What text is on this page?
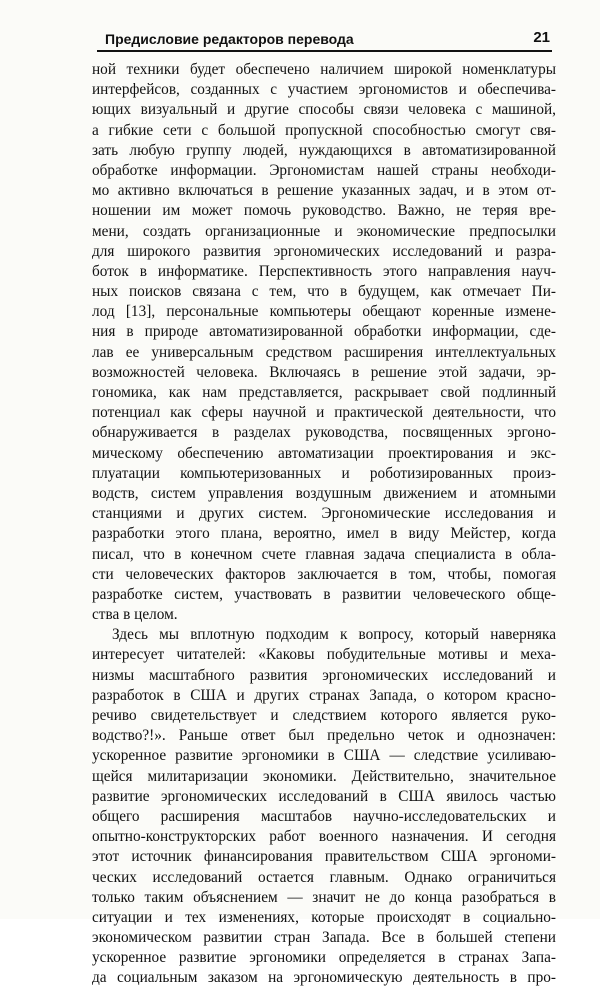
Предисловие редакторов перевода	21
ной техники будет обеспечено наличием широкой номенклатуры
интерфейсов, созданных с участием эргономистов и обеспечива-
ющих визуальный и другие способы связи человека с машиной,
а гибкие сети с большой пропускной способностью смогут свя-
зать любую группу людей, нуждающихся в автоматизированной
обработке информации. Эргономистам нашей страны необходи-
мо активно включаться в решение указанных задач, и в этом от-
ношении им может помочь руководство. Важно, не теряя вре-
мени, создать организационные и экономические предпосылки
для широкого развития эргономических исследований и разра-
боток в информатике. Перспективность этого направления науч-
ных поисков связана с тем, что в будущем, как отмечает Пи-
лод [13], персональные компьютеры обещают коренные измене-
ния в природе автоматизированной обработки информации, сде-
лав ее универсальным средством расширения интеллектуальных
возможностей человека. Включаясь в решение этой задачи, эр-
гономика, как нам представляется, раскрывает свой подлинный
потенциал как сферы научной и практической деятельности, что
обнаруживается в разделах руководства, посвященных эргоно-
мическому обеспечению автоматизации проектирования и экс-
плуатации компьютеризованных и роботизированных произ-
водств, систем управления воздушным движением и атомными
станциями и других систем. Эргономические исследования и
разработки этого плана, вероятно, имел в виду Мейстер, когда
писал, что в конечном счете главная задача специалиста в обла-
сти человеческих факторов заключается в том, чтобы, помогая
разработке систем, участвовать в развитии человеческого обще-
ства в целом.
Здесь мы вплотную подходим к вопросу, который наверняка
интересует читателей: «Каковы побудительные мотивы и меха-
низмы масштабного развития эргономических исследований и
разработок в США и других странах Запада, о котором красно-
речиво свидетельствует и следствием которого является руко-
водство?!». Раньше ответ был предельно четок и однозначен:
ускоренное развитие эргономики в США — следствие усиливаю-
щейся милитаризации экономики. Действительно, значительное
развитие эргономических исследований в США явилось частью
общего расширения масштабов научно-исследовательских и
опытно-конструкторских работ военного назначения. И сегодня
этот источник финансирования правительством США эргономи-
ческих исследований остается главным. Однако ограничиться
только таким объяснением — значит не до конца разобраться в
ситуации и тех изменениях, которые происходят в социально-
экономическом развитии стран Запада. Все в большей степени
ускоренное развитие эргономики определяется в странах Запа-
да социальным заказом на эргономическую деятельность в про-
